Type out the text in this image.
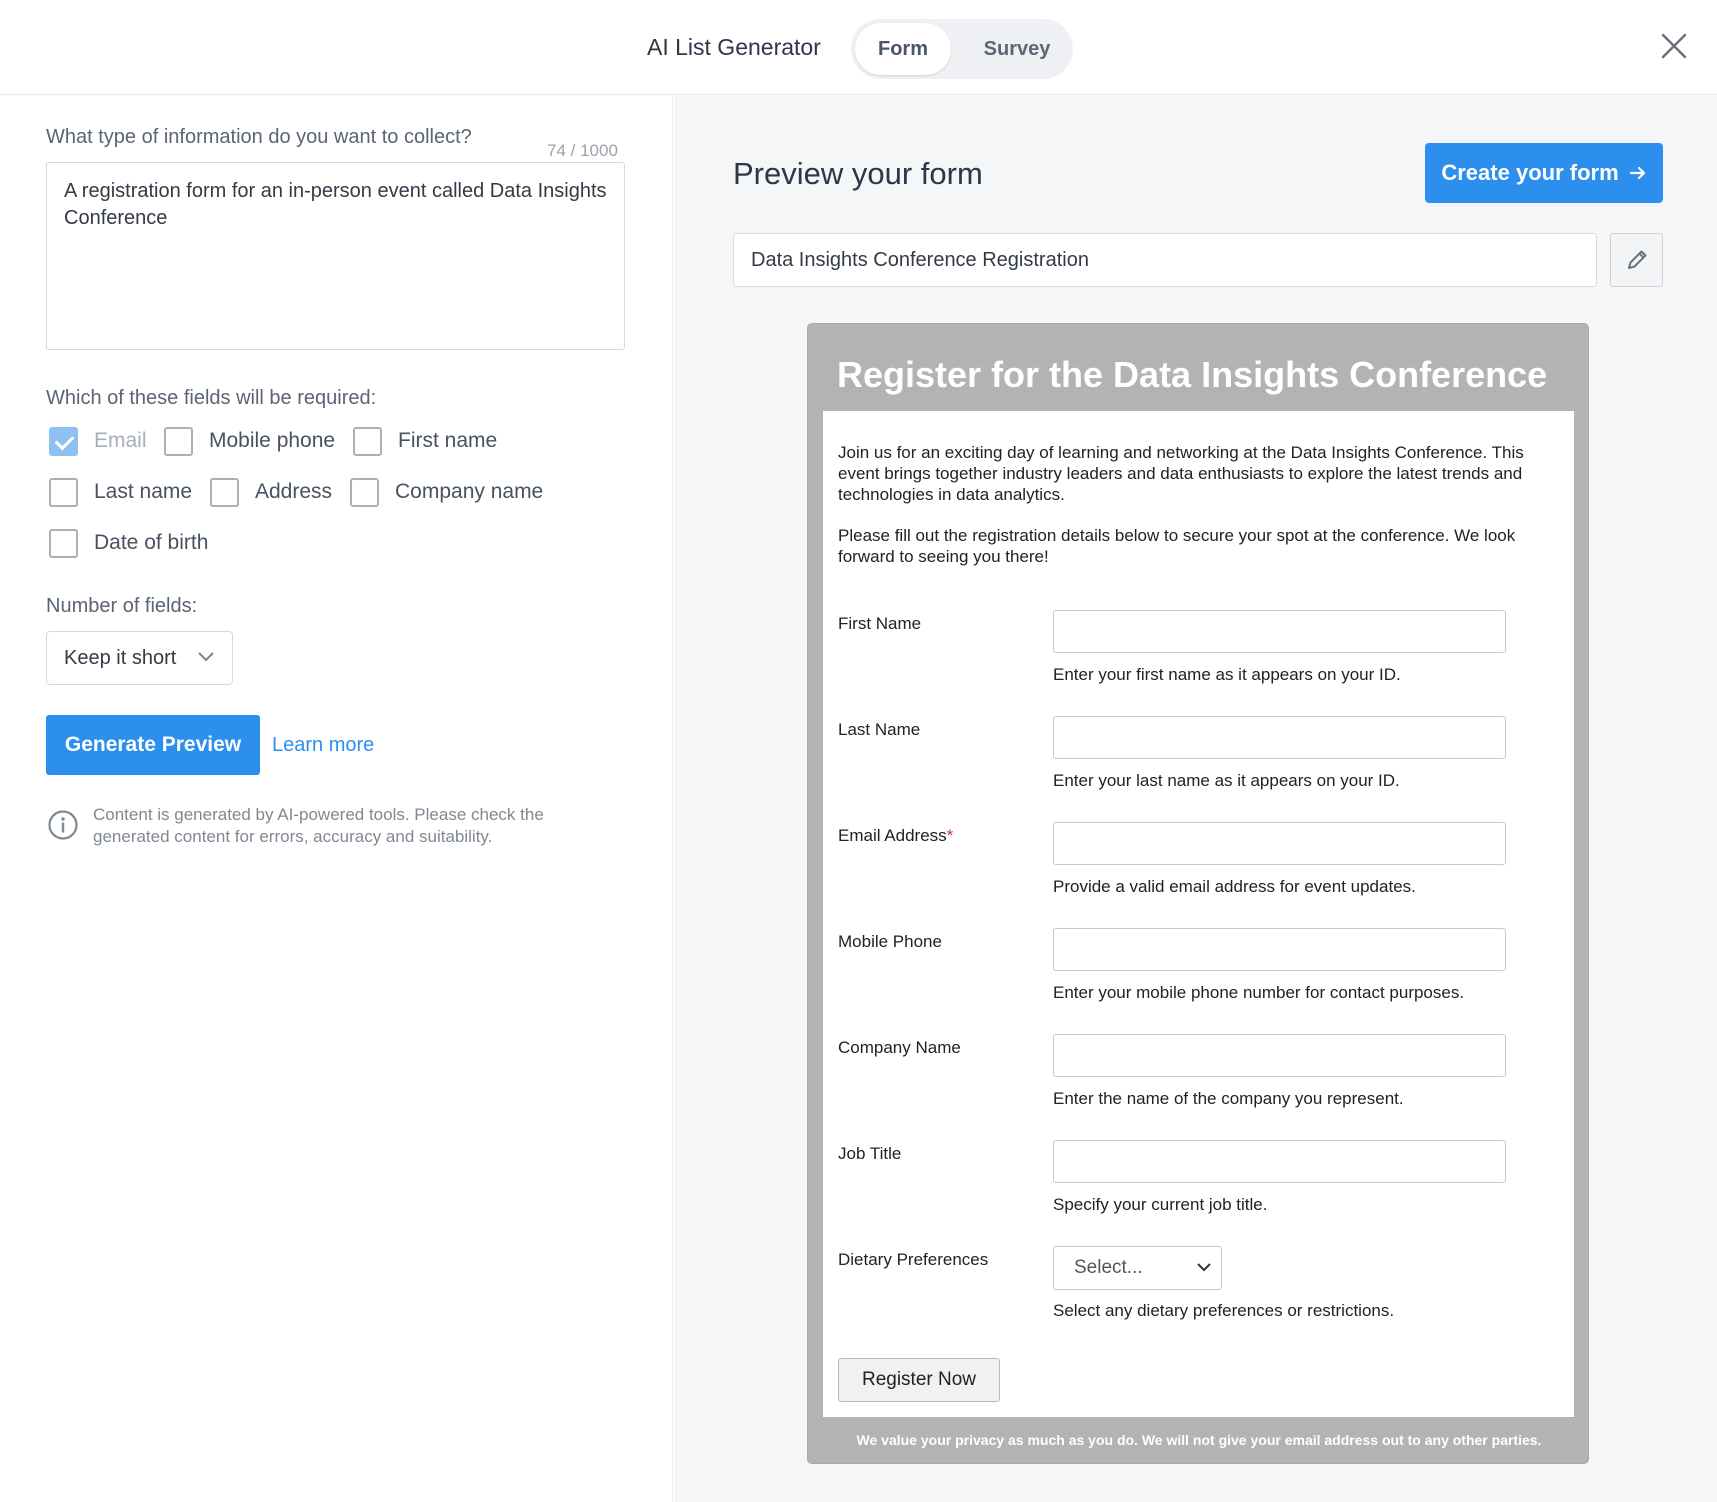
AI List Generator	Form	Survey
What type of information do you want to collect?
74 / 1000
A registration form for an in-person event called Data Insights Conference
Which of these fields will be required:
Email	Mobile phone	First name
Last name	Address	Company name
Date of birth
Number of fields:
Keep it short
Generate Preview	Learn more
Content is generated by AI-powered tools. Please check the generated content for errors, accuracy and suitability.
Preview your form	Create your form
Data Insights Conference Registration
Register for the Data Insights Conference
Join us for an exciting day of learning and networking at the Data Insights Conference. This event brings together industry leaders and data enthusiasts to explore the latest trends and technologies in data analytics.
Please fill out the registration details below to secure your spot at the conference. We look forward to seeing you there!
First Name
Enter your first name as it appears on your ID.
Last Name
Enter your last name as it appears on your ID.
Email Address*
Provide a valid email address for event updates.
Mobile Phone
Enter your mobile phone number for contact purposes.
Company Name
Enter the name of the company you represent.
Job Title
Specify your current job title.
Dietary Preferences	Select...
Select any dietary preferences or restrictions.
Register Now
We value your privacy as much as you do. We will not give your email address out to any other parties.
